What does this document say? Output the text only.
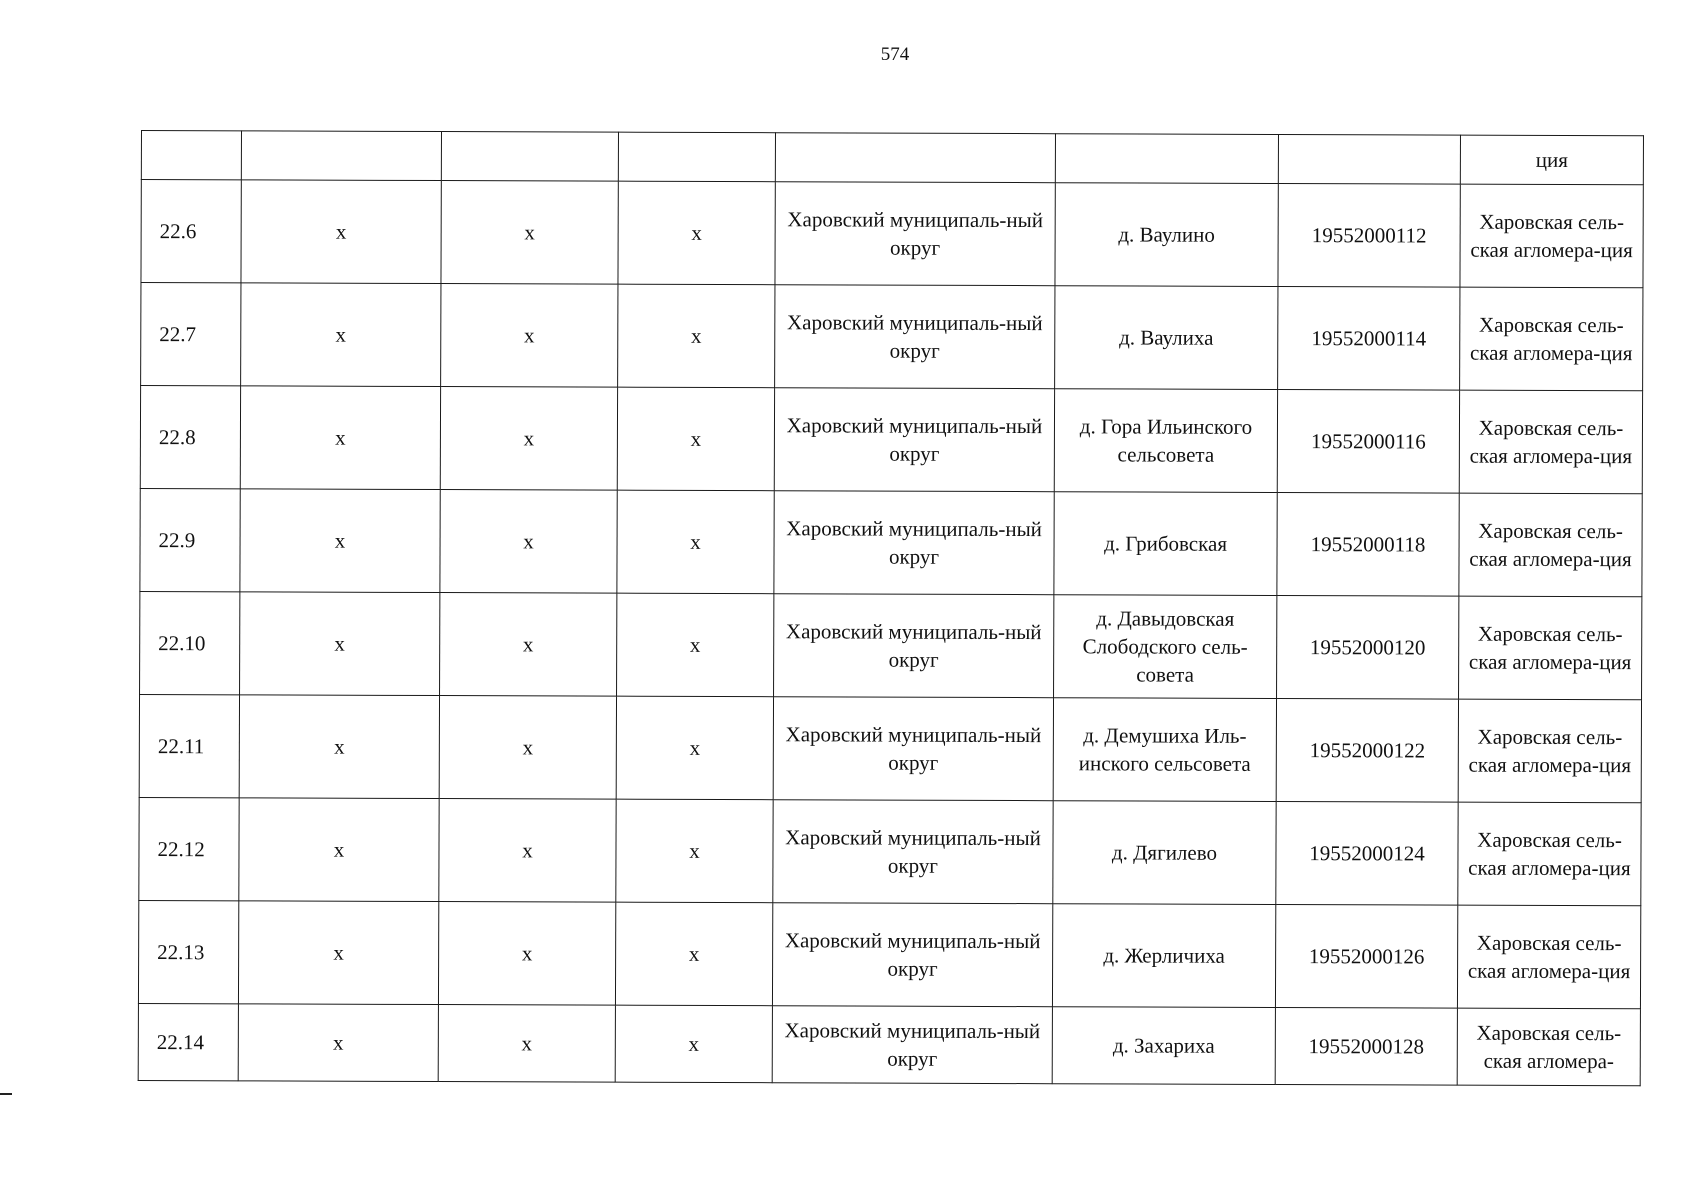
574
							ция
22.6	x	x	x	Харовский муниципаль-ный округ	д. Ваулино	19552000112	Харовская сель-ская агломера-ция
22.7	x	x	x	Харовский муниципаль-ный округ	д. Ваулиха	19552000114	Харовская сель-ская агломера-ция
22.8	x	x	x	Харовский муниципаль-ный округ	д. Гора Ильинского сельсовета	19552000116	Харовская сель-ская агломера-ция
22.9	x	x	x	Харовский муниципаль-ный округ	д. Грибовская	19552000118	Харовская сель-ская агломера-ция
22.10	x	x	x	Харовский муниципаль-ный округ	д. Давыдовская Слободского сель-совета	19552000120	Харовская сель-ская агломера-ция
22.11	x	x	x	Харовский муниципаль-ный округ	д. Демушиха Иль-инского сельсовета	19552000122	Харовская сель-ская агломера-ция
22.12	x	x	x	Харовский муниципаль-ный округ	д. Дягилево	19552000124	Харовская сель-ская агломера-ция
22.13	x	x	x	Харовский муниципаль-ный округ	д. Жерличиха	19552000126	Харовская сель-ская агломера-ция
22.14	x	x	x	Харовский муниципаль-ный округ	д. Захариха	19552000128	Харовская сель-ская агломера-
